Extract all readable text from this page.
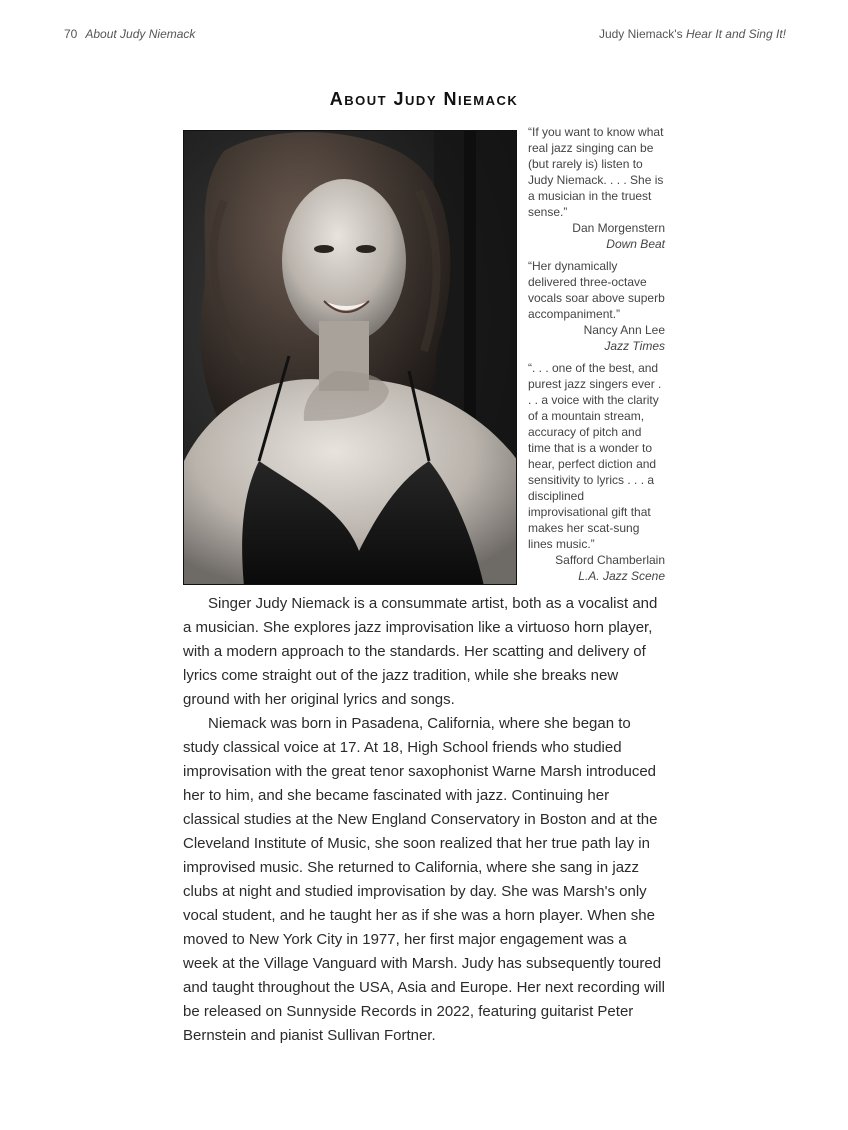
70 About Judy Niemack	Judy Niemack's Hear It and Sing It!
About Judy Niemack
“If you want to know what real jazz singing can be (but rarely is) listen to Judy Niemack. . . . She is a musician in the truest sense.”
Dan Morgenstern
Down Beat
“Her dynamically delivered three-octave vocals soar above superb accompaniment.”
Nancy Ann Lee
Jazz Times
“. . . one of the best, and purest jazz singers ever . . . a voice with the clarity of a mountain stream, accuracy of pitch and time that is a wonder to hear, perfect diction and sensitivity to lyrics . . . a disciplined improvisational gift that makes her scat-sung lines music.”
Safford Chamberlain
L.A. Jazz Scene

Singer Judy Niemack is a consummate artist, both as a vocalist and a musician. She explores jazz improvisation like a virtuoso horn player, with a modern approach to the standards. Her scatting and delivery of lyrics come straight out of the jazz tradition, while she breaks new ground with her original lyrics and songs.

Niemack was born in Pasadena, California, where she began to study classical voice at 17. At 18, High School friends who studied improvisation with the great tenor saxophonist Warne Marsh introduced her to him, and she became fascinated with jazz. Continuing her classical studies at the New England Conservatory in Boston and at the Cleveland Institute of Music, she soon realized that her true path lay in improvised music. She returned to California, where she sang in jazz clubs at night and studied improvisation by day. She was Marsh's only vocal student, and he taught her as if she was a horn player. When she moved to New York City in 1977, her first major engagement was a week at the Village Vanguard with Marsh. Judy has subsequently toured and taught throughout the USA, Asia and Europe. Her next recording will be released on Sunnyside Records in 2022, featuring guitarist Peter Bernstein and pianist Sullivan Fortner.
